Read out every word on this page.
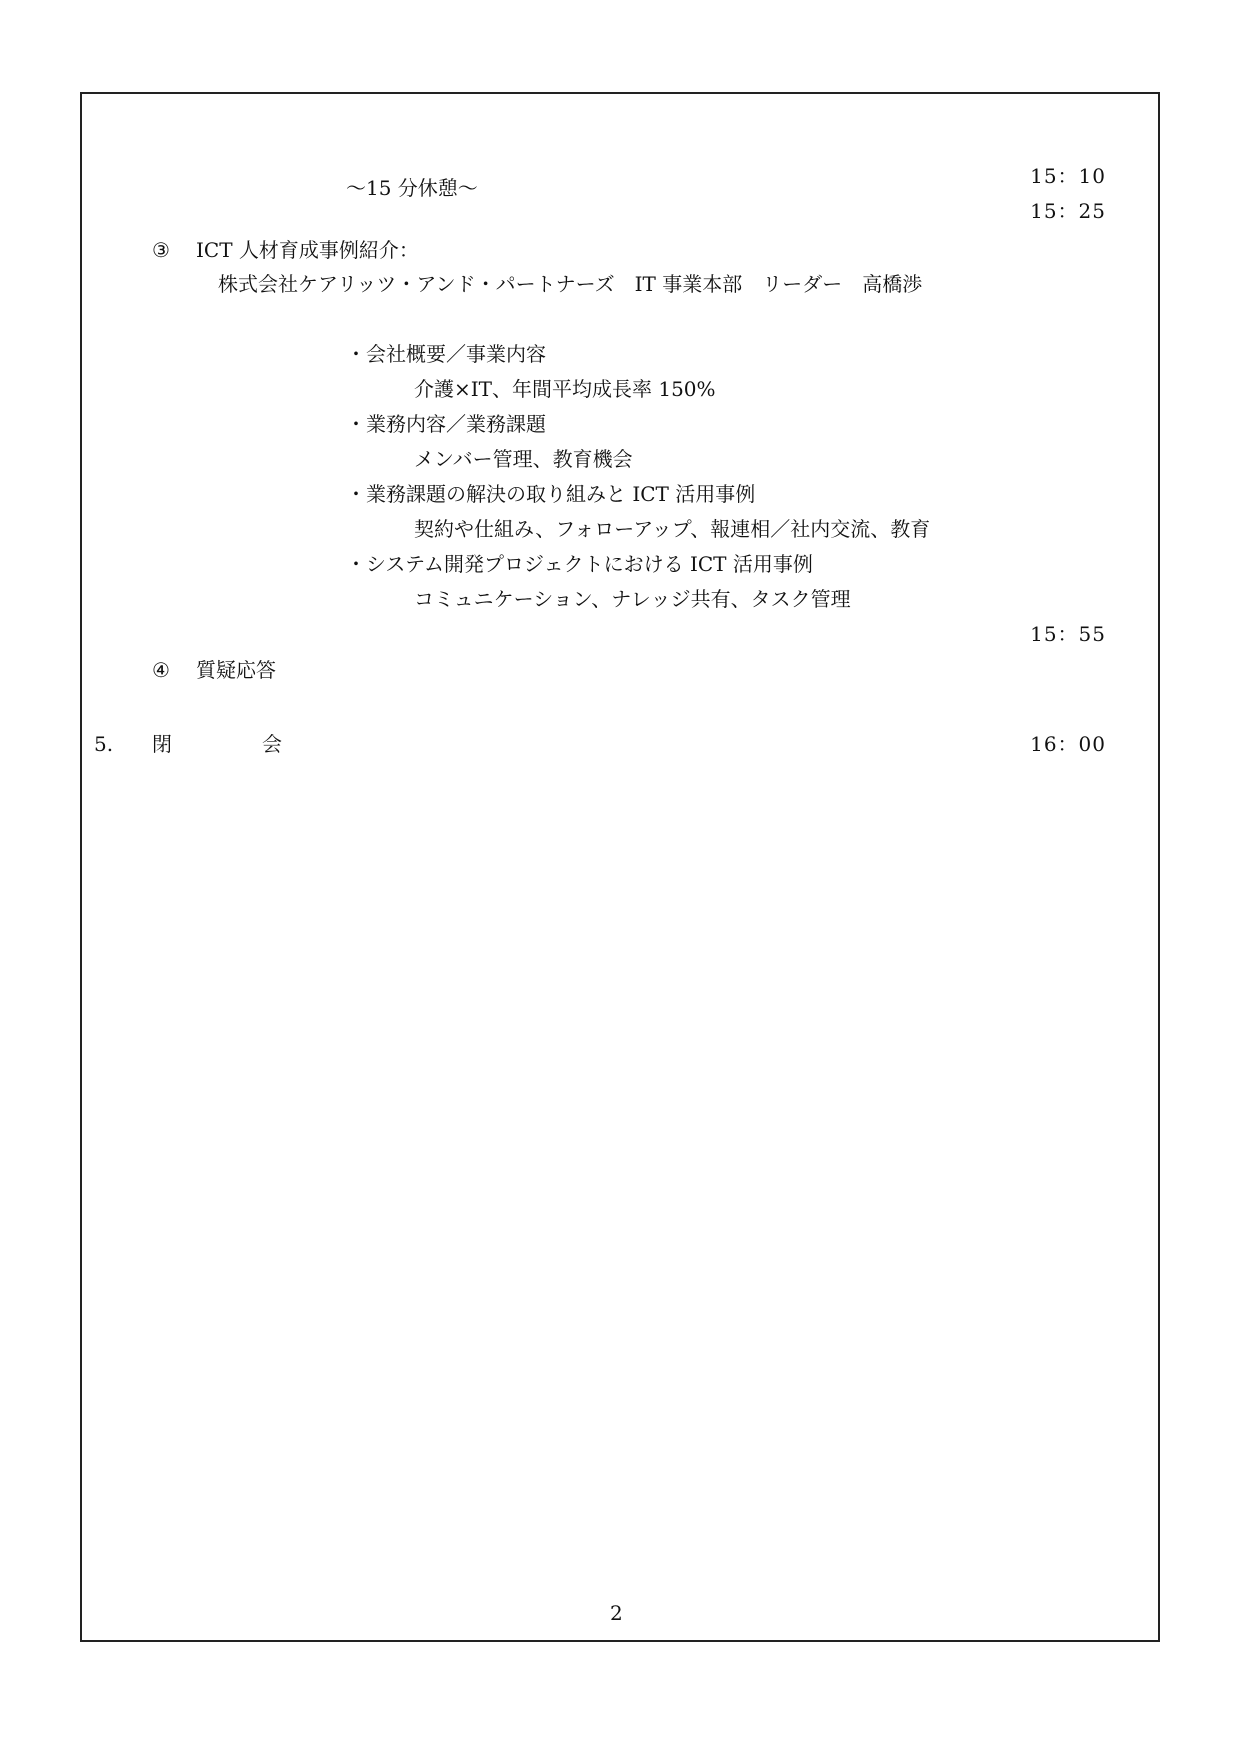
～15 分休憩～	15：10
15：25
③ ICT 人材育成事例紹介：
株式会社ケアリッツ・アンド・パートナーズ　IT 事業本部　リーダー　高橋渉
・会社概要／事業内容
介護×IT、年間平均成長率 150%
・業務内容／業務課題
メンバー管理、教育機会
・業務課題の解決の取り組みと ICT 活用事例
契約や仕組み、フォローアップ、報連相／社内交流、教育
・システム開発プロジェクトにおける ICT 活用事例
コミュニケーション、ナレッジ共有、タスク管理
15：55
④ 質疑応答
5. 閉	会	16：00
2
